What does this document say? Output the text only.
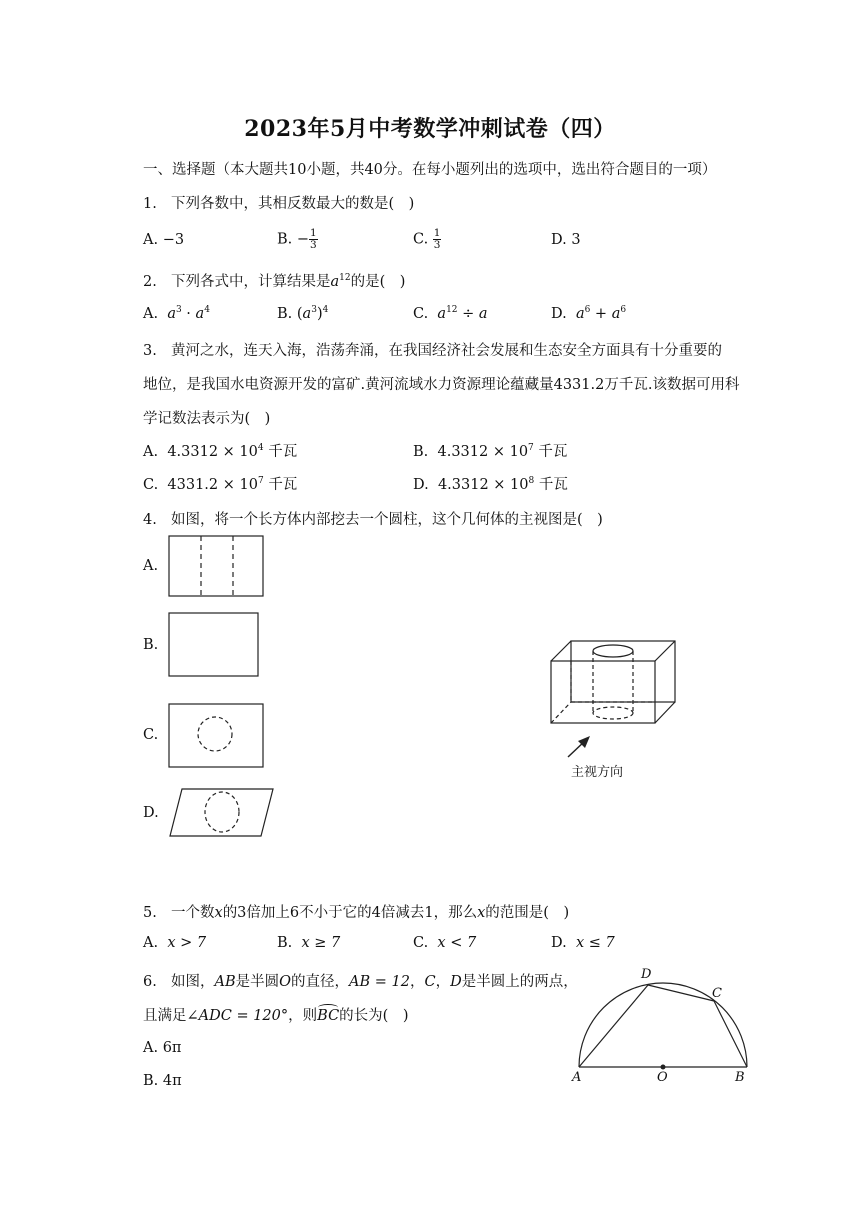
2023年5月中考数学冲刺试卷（四）
一、选择题（本大题共10小题，共40分。在每小题列出的选项中，选出符合题目的一项）
1. 下列各数中，其相反数最大的数是(　)
A. −3	B. − $\frac{1}{3}$	C. $\frac{1}{3}$	D. 3
2. 下列各式中，计算结果是$a^{12}$的是(　)
A. $a^3 \cdot a^4$	B. $(a^3)^4$	C. $a^{12} \div a$	D. $a^6 + a^6$
3. 黄河之水，连天入海，浩荡奔涌，在我国经济社会发展和生态安全方面具有十分重要的
地位，是我国水电资源开发的富矿.黄河流域水力资源理论蕴藏量4331.2万千瓦.该数据可用科
学记数法表示为(　)
A. $4.3312 \times 10^4$ 千瓦	B. $4.3312 \times 10^7$ 千瓦
C. $4331.2 \times 10^7$ 千瓦	D. $4.3312 \times 10^8$ 千瓦
4. 如图，将一个长方体内部挖去一个圆柱，这个几何体的主视图是(　)
A.
B.
C.
D.
主视方向
A	O	B
C
D
5. 一个数x的3倍加上6不小于它的4倍减去1，那么x的范围是(　)
A. x > 7	B. x ≥ 7	C. x < 7	D. x ≤ 7
6. 如图，AB是半圆O的直径，AB = 12，C，D是半圆上的两点，
且满足∠ADC = 120°，则
BC的长为(　)
A. 6π
B. 4π
